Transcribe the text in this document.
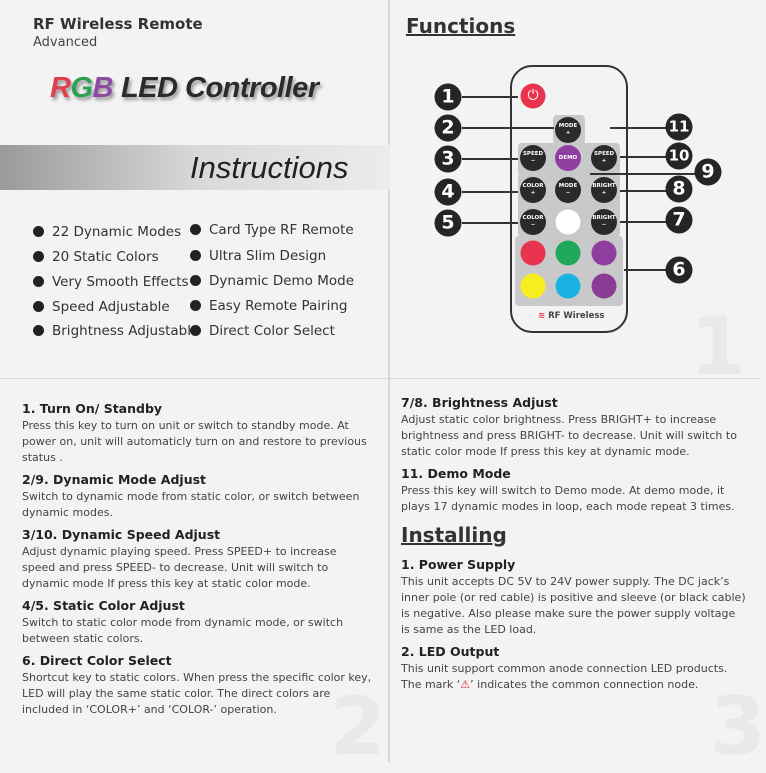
1
2	3
RF Wireless Remote
Advanced
RGB LED Controller
Instructions
22 Dynamic Modes
20 Static Colors
Very Smooth Effects
Speed Adjustable
Brightness Adjustable
Card Type RF Remote
Ultra Slim Design
Dynamic Demo Mode
Easy Remote Pairing
Direct Color Select
Functions
⏻
MODE
+
SPEED
−	DEMO
SPEED
+
COLOR
+
MODE
−
BRIGHT
+
COLOR
−
BRIGHT
−
≋ RF Wireless
1
2
3
4
5
6
7
8
9
10
11
1. Turn On/ Standby

Press this key to turn on unit or switch to standby mode. At power on, unit will automaticly turn on and restore to previous status .

2/9. Dynamic Mode Adjust

Switch to dynamic mode from static color, or switch between dynamic modes.

3/10. Dynamic Speed Adjust

Adjust dynamic playing speed. Press SPEED+ to increase speed and press SPEED- to decrease. Unit will switch to dynamic mode If press this key at static color mode.

4/5. Static Color Adjust

Switch to static color mode from dynamic mode, or switch between static colors.

6. Direct Color Select

Shortcut key to static colors. When press the specific color key, LED will play the same static color. The direct colors are included in ‘COLOR+’ and ‘COLOR-’ operation.

7/8. Brightness Adjust

Adjust static color brightness. Press BRIGHT+ to increase brightness and press BRIGHT- to decrease. Unit will switch to static color mode If press this key at dynamic mode.

11. Demo Mode

Press this key will switch to Demo mode. At demo mode, it plays 17 dynamic modes in loop, each mode repeat 3 times.

Installing
1. Power Supply

This unit accepts DC 5V to 24V power supply. The DC jack’s inner pole (or red cable) is positive and sleeve (or black cable) is negative. Also please make sure the power supply voltage is same as the LED load.

2. LED Output

This unit support common anode connection LED products. The mark ‘⚠’ indicates the common connection node.
